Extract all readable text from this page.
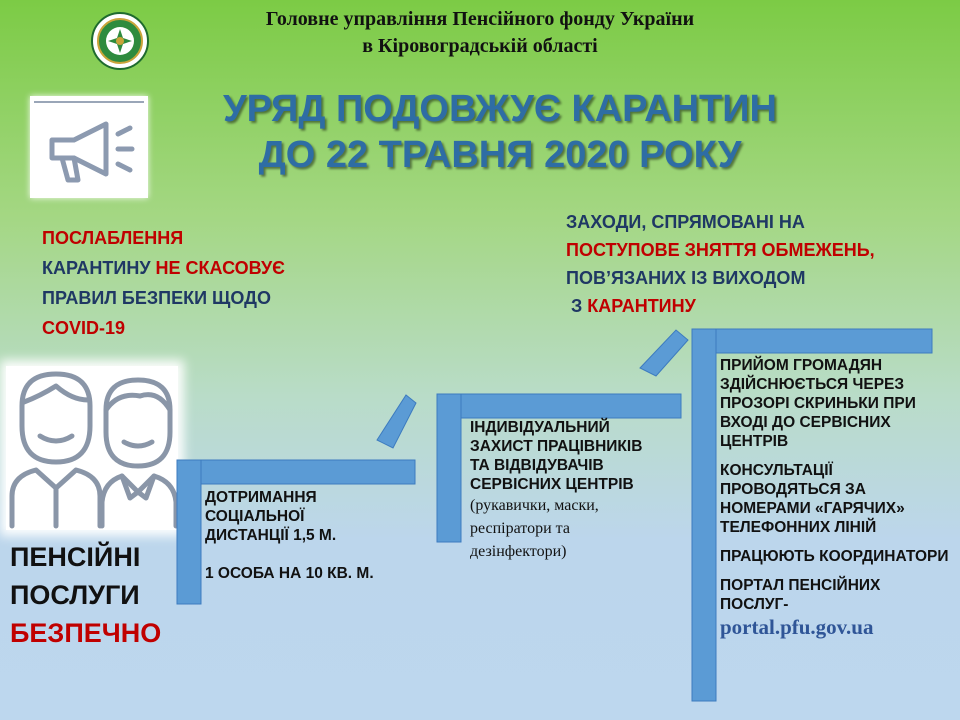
Головне управління Пенсійного фонду України
в Кіровоградській області
УРЯД ПОДОВЖУЄ КАРАНТИН
ДО 22 ТРАВНЯ 2020 РОКУ
ПОСЛАБЛЕННЯ
КАРАНТИНУ НЕ СКАСОВУЄ
ПРАВИЛ БЕЗПЕКИ ЩОДО
COVID-19
ЗАХОДИ, СПРЯМОВАНІ НА
ПОСТУПОВЕ ЗНЯТТЯ ОБМЕЖЕНЬ,
ПОВ’ЯЗАНИХ ІЗ ВИХОДОМ
З КАРАНТИНУ
ДОТРИМАННЯ
СОЦІАЛЬНОЇ
ДИСТАНЦІЇ 1,5 М.
1 ОСОБА НА 10 КВ. М.
ІНДИВІДУАЛЬНИЙ
ЗАХИСТ ПРАЦІВНИКІВ
ТА ВІДВІДУВАЧІВ
СЕРВІСНИХ ЦЕНТРІВ
(рукавички, маски,
респіратори та
дезінфектори)
ПРИЙОМ ГРОМАДЯН ЗДІЙСНЮЄТЬСЯ ЧЕРЕЗ ПРОЗОРІ СКРИНЬКИ ПРИ ВХОДІ ДО СЕРВІСНИХ ЦЕНТРІВ
КОНСУЛЬТАЦІЇ ПРОВОДЯТЬСЯ ЗА НОМЕРАМИ «ГАРЯЧИХ» ТЕЛЕФОННИХ ЛІНІЙ
ПРАЦЮЮТЬ КООРДИНАТОРИ
ПОРТАЛ ПЕНСІЙНИХ ПОСЛУГ-
portal.pfu.gov.ua
ПЕНСІЙНІ
ПОСЛУГИ
БЕЗПЕЧНО
